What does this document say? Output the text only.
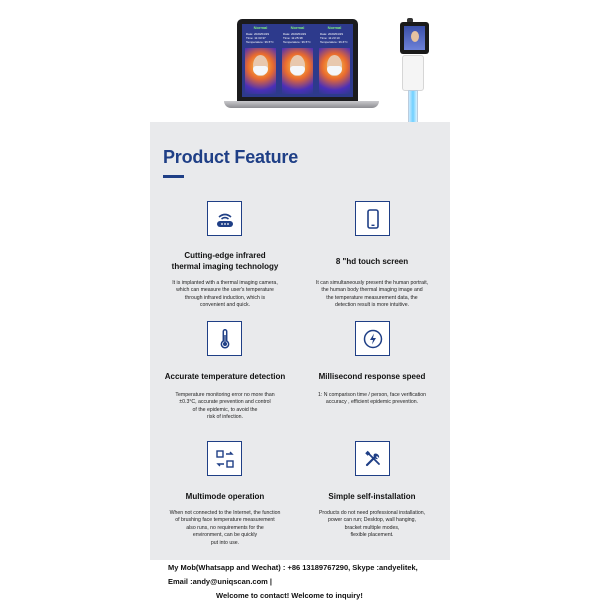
Normal
Date: 2020/04/29
Time: 11:33:37
Temperature: 36.5°C
Normal
Date: 2020/04/29
Time: 11:25:38
Temperature: 36.5°C
Normal
Date: 2020/04/29
Time: 11:23:10
Temperature: 36.6°C
Product Feature

Cutting-edge infrared

thermal imaging technology

It is implanted with a thermal imaging camera,

which can measure the user's temperature

through infrared induction, which is

convenient and quick.

8 "hd touch screen

It can simultaneously present the human portrait,

the human body thermal imaging image and

the temperature measurement data, the

detection result is more intuitive.

Accurate temperature detection

Temperature monitoring error no more than

±0.3°C, accurate prevention and control

of the epidemic, to avoid the

risk of infection.

Millisecond response speed

1: N comparison time / person, face verification

accuracy , efficient epidemic prevention.

Multimode operation

When not connected to the Internet, the function

of brushing face temperature measurement

also runs, no requirements for the

environment, can be quickly

put into use.

Simple self-installation

Products do not need professional installation,

power can run; Desktop, wall hanging,

bracket multiple modes,

flexible placement.

My Mob(Whatsapp and Wechat) : +86 13189767290, Skype :andyelitek,
Email :andy@uniqscan.com |
Welcome to contact! Welcome to inquiry!
